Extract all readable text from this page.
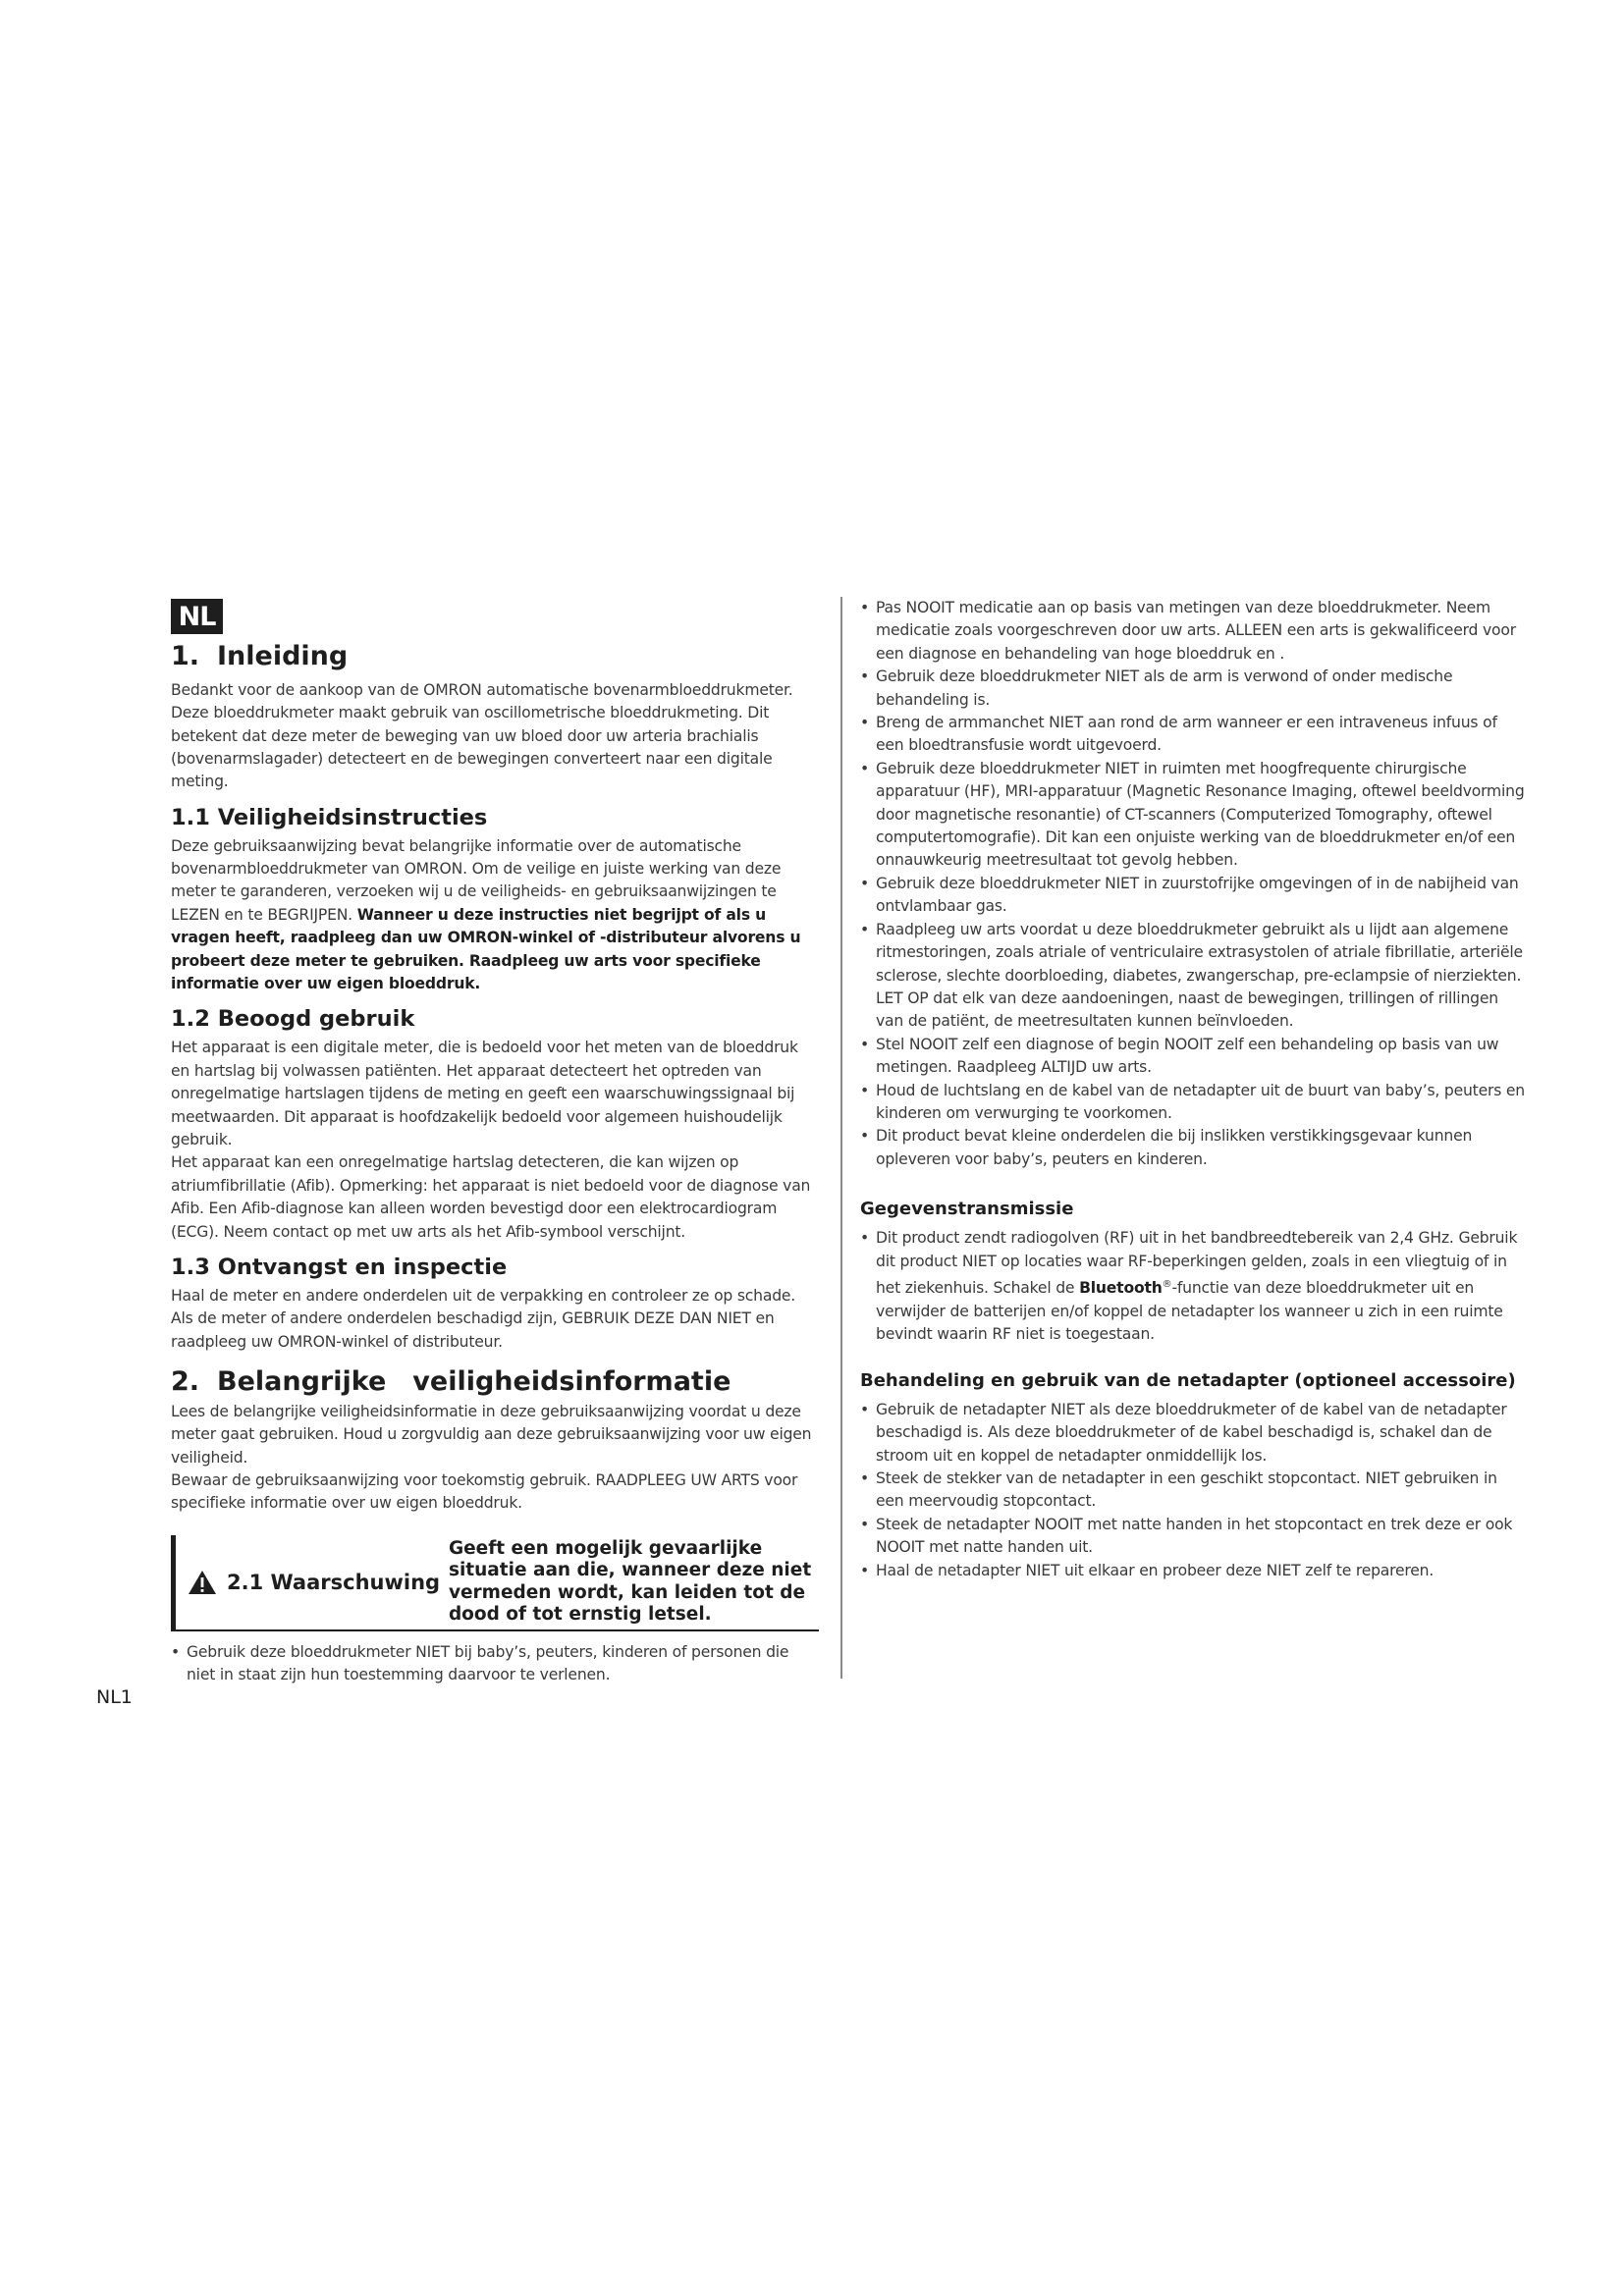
NL
1. Inleiding

Bedankt voor de aankoop van de OMRON automatische bovenarmbloeddrukmeter. Deze bloeddrukmeter maakt gebruik van oscillometrische bloeddrukmeting. Dit betekent dat deze meter de beweging van uw bloed door uw arteria brachialis (bovenarmslagader) detecteert en de bewegingen converteert naar een digitale meting.

1.1 Veiligheidsinstructies

Deze gebruiksaanwijzing bevat belangrijke informatie over de automatische bovenarmbloeddrukmeter van OMRON. Om de veilige en juiste werking van deze meter te garanderen, verzoeken wij u de veiligheids- en gebruiksaanwijzingen te LEZEN en te BEGRIJPEN. Wanneer u deze instructies niet begrijpt of als u vragen heeft, raadpleeg dan uw OMRON-winkel of -distributeur alvorens u probeert deze meter te gebruiken. Raadpleeg uw arts voor specifieke informatie over uw eigen bloeddruk.

1.2 Beoogd gebruik

Het apparaat is een digitale meter, die is bedoeld voor het meten van de bloeddruk en hartslag bij volwassen patiënten. Het apparaat detecteert het optreden van onregelmatige hartslagen tijdens de meting en geeft een waarschuwingssignaal bij meetwaarden. Dit apparaat is hoofdzakelijk bedoeld voor algemeen huishoudelijk gebruik.

Het apparaat kan een onregelmatige hartslag detecteren, die kan wijzen op atriumfibrillatie (Afib). Opmerking: het apparaat is niet bedoeld voor de diagnose van Afib. Een Afib-diagnose kan alleen worden bevestigd door een elektrocardiogram (ECG). Neem contact op met uw arts als het Afib-symbool verschijnt.

1.3 Ontvangst en inspectie

Haal de meter en andere onderdelen uit de verpakking en controleer ze op schade. Als de meter of andere onderdelen beschadigd zijn, GEBRUIK DEZE DAN NIET en raadpleeg uw OMRON-winkel of distributeur.

2. Belangrijke veiligheidsinformatie

Lees de belangrijke veiligheidsinformatie in deze gebruiksaanwijzing voordat u deze meter gaat gebruiken. Houd u zorgvuldig aan deze gebruiksaanwijzing voor uw eigen veiligheid.

Bewaar de gebruiksaanwijzing voor toekomstig gebruik. RAADPLEEG UW ARTS voor specifieke informatie over uw eigen bloeddruk.

2.1 Waarschuwing
Geeft een mogelijk gevaarlijke situatie aan die, wanneer deze niet vermeden wordt, kan leiden tot de dood of tot ernstig letsel.
• Gebruik deze bloeddrukmeter NIET bij baby’s, peuters, kinderen of personen die niet in staat zijn hun toestemming daarvoor te verlenen.
• Pas NOOIT medicatie aan op basis van metingen van deze bloeddrukmeter. Neem medicatie zoals voorgeschreven door uw arts. ALLEEN een arts is gekwalificeerd voor een diagnose en behandeling van hoge bloeddruk en .
• Gebruik deze bloeddrukmeter NIET als de arm is verwond of onder medische behandeling is.
• Breng de armmanchet NIET aan rond de arm wanneer er een intraveneus infuus of een bloedtransfusie wordt uitgevoerd.
• Gebruik deze bloeddrukmeter NIET in ruimten met hoogfrequente chirurgische apparatuur (HF), MRI-apparatuur (Magnetic Resonance Imaging, oftewel beeldvorming door magnetische resonantie) of CT-scanners (Computerized Tomography, oftewel computertomografie). Dit kan een onjuiste werking van de bloeddrukmeter en/of een onnauwkeurig meetresultaat tot gevolg hebben.
• Gebruik deze bloeddrukmeter NIET in zuurstofrijke omgevingen of in de nabijheid van ontvlambaar gas.
• Raadpleeg uw arts voordat u deze bloeddrukmeter gebruikt als u lijdt aan algemene ritmestoringen, zoals atriale of ventriculaire extrasystolen of atriale fibrillatie, arteriële sclerose, slechte doorbloeding, diabetes, zwangerschap, pre-eclampsie of nierziekten. LET OP dat elk van deze aandoeningen, naast de bewegingen, trillingen of rillingen van de patiënt, de meetresultaten kunnen beïnvloeden.
• Stel NOOIT zelf een diagnose of begin NOOIT zelf een behandeling op basis van uw metingen. Raadpleeg ALTIJD uw arts.
• Houd de luchtslang en de kabel van de netadapter uit de buurt van baby’s, peuters en kinderen om verwurging te voorkomen.
• Dit product bevat kleine onderdelen die bij inslikken verstikkingsgevaar kunnen opleveren voor baby’s, peuters en kinderen.
Gegevenstransmissie
• Dit product zendt radiogolven (RF) uit in het bandbreedtebereik van 2,4 GHz. Gebruik dit product NIET op locaties waar RF-beperkingen gelden, zoals in een vliegtuig of in het ziekenhuis. Schakel de Bluetooth®-functie van deze bloeddrukmeter uit en verwijder de batterijen en/of koppel de netadapter los wanneer u zich in een ruimte bevindt waarin RF niet is toegestaan.
Behandeling en gebruik van de netadapter (optioneel accessoire)
• Gebruik de netadapter NIET als deze bloeddrukmeter of de kabel van de netadapter beschadigd is. Als deze bloeddrukmeter of de kabel beschadigd is, schakel dan de stroom uit en koppel de netadapter onmiddellijk los.
• Steek de stekker van de netadapter in een geschikt stopcontact. NIET gebruiken in een meervoudig stopcontact.
• Steek de netadapter NOOIT met natte handen in het stopcontact en trek deze er ook NOOIT met natte handen uit.
• Haal de netadapter NIET uit elkaar en probeer deze NIET zelf te repareren.
NL1
